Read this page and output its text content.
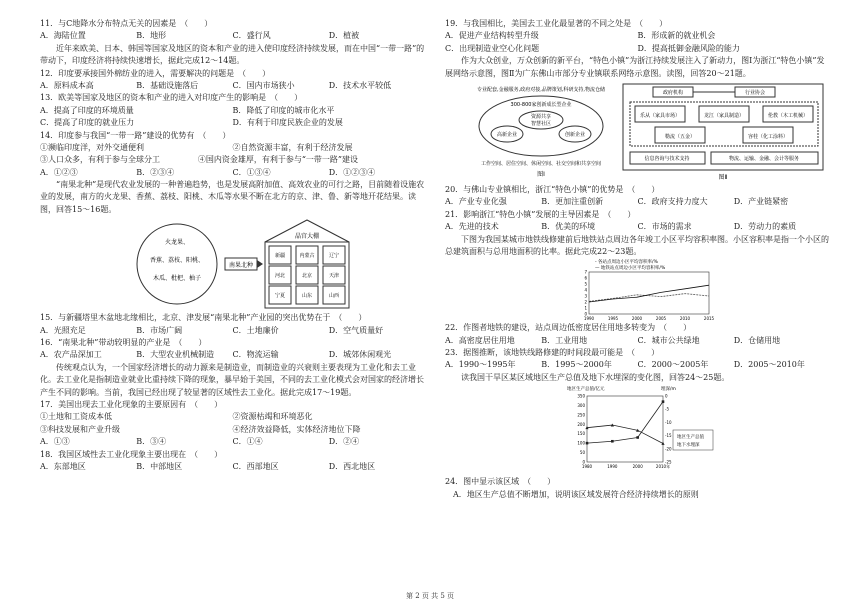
11．与C地降水分布特点无关的因素是　（　　）
A．海陆位置	B．地形	C．盛行风	D．植被
近年来欧美、日本、韩国等国家及地区的资本和产业的进入使印度经济持续发展，而在中国“一带一路”的带动下，印度经济将持续快速增长，据此完成12～14题。
12．印度要承接国外棉纺业的进入，需要解决的问题是　（　　）
A．原料成本高	B．基础设施落后	C．国内市场狭小	D．技术水平较低
13．欧美等国家及地区的资本和产业的进入对印度产生的影响是　（　　）
A．提高了印度的环境质量	B．降低了印度的城市化水平
C．提高了印度的就业压力	D．有利于印度民族企业的发展
14．印度参与我国“一带一路”建设的优势有　（　　）
①濒临印度洋，对外交通便利	②自然资源丰富，有利于经济发展
③人口众多，有利于参与全球分工	④国内资金雄厚，有利于参与“一带一路”建设
A．①②③	B．②③④	C．①③④	D．①②③④
“南果北种”是现代农业发展的一种普遍趋势，也是发展高附加值、高效农业的可行之路，目前随着设施农业的发展，南方的火龙果、香蕉、荔枝、阳桃、木瓜等水果不断在北方的京、津、鲁、新等地开花结果。读图，回答15～16题。
火龙果、
香蕉、荔枝、阳桃、
木瓜、枇杷、柚子
南果北种
晶宫大棚
新疆	内蒙古	辽宁
河北	北京	天津
宁夏	山东	山西
15．与新疆塔里木盆地北缘相比，北京、津发展“南果北种”产业园的突出优势在于　（　　）
A．光照充足	B．市场广阔	C．土地廉价	D．空气质量好
16．“南果北种”带动较明显的产业是　（　　）
A．农产品深加工	B．大型农业机械制造	C．物流运输	D．城郊休闲观光
传统观点认为，一个国家经济增长的动力源来是制造业，而制造业的兴衰则主要表现为工业化和去工业化。去工业化是指制造业就业比重持续下降的现象，暴早始于美国，不同的去工业化模式会对国家的经济增长产生不同的影响。当前，我国已经出现了较显著的区域性去工业化。据此完成17～19题。
17．美国出现去工业化现象的主要原因有　（　　）
①土地和工资成本低	②资源枯竭和环境恶化
③科技发展和产业升级	④经济效益降低，实体经济地位下降
A．①③	B．③④	C．①④	D．②④
18．我国区域性去工业化现象主要出现在　（　　）
A．东部地区	B．中部地区	C．西部地区	D．西北地区
19．与我国相比，美国去工业化最显著的不同之处是　（　　）
A．促进产业结构转型升级	B．形成新的就业机会
C．出现制造业空心化问题	D．提高抵御金融风险的能力
作为大众创业，万众创新的新平台，“特色小镇”为浙江持续发展注入了新动力，图Ⅰ为浙江“特色小镇”发展网络示意图，图Ⅱ为广东佛山市部分专业镇联系网络示意图。读图，回答20～21题。
专业配套,金融服务,政府对接,品牌策划,科研支持,物流仓储
300-800家创新成长型企业
资源共享
智慧社区
高新企业	创新企业
工作空间、居住空间、休闲空间、社交空间和共享空间
图Ⅰ
政府机构	行业协会
乐从（家具市场）	龙江（家具制造）	伦教（木工机械）
勒流（五金）	容桂（化工涂料）
信息咨询与技术支持	物流、运输、金融、会计等服务
图Ⅱ
20．与佛山专业镇相比，浙江“特色小镇”的优势是　（　　）
A．产业专业化强	B．更加注重创新	C．政府支持力度大	D．产业链紧密
21．影响浙江“特色小镇”发展的主导因素是　（　　）
A．先进的技术	B．优美的环境	C．市场的需求	D．劳动力的素质
下图为我国某城市地铁线修建前后地铁站点周边各年竣工小区平均容积率图。小区容积率是指一个小区的总建筑面积与总用地面积的比率。据此完成22～23题。
- 各站点周边小区平均容积率/%
— 地铁站点周边小区平均容积率/%
0
1
2
3
4
5
6
7
1990	1995	2000	2005	2010	2015
22．作图者地铁的建设，站点周边低密度居住用地多转变为　（　　）
A．高密度居住用地	B．工业用地	C．城市公共绿地	D．仓储用地
23．据图推断，该地铁线路修建的时间段最可能是　（　　）
A．1990～1995年	B．1995～2000年	C．2000～2005年	D．2005～2010年
读我国干旱区某区域地区生产总值及地下水埋深的变化图，回答24～25题。
地区生产总值/亿元	埋深/m
0
50
100
150
200
250
300
350	0
-5
-10
-15
-20
-25
1980	1990	2000	2010年
地区生产总值
地下水埋深
24．图中显示该区域　（　　）
A．地区生产总值不断增加，说明该区域发展符合经济持续增长的原则
第 2 页 共 5 页
